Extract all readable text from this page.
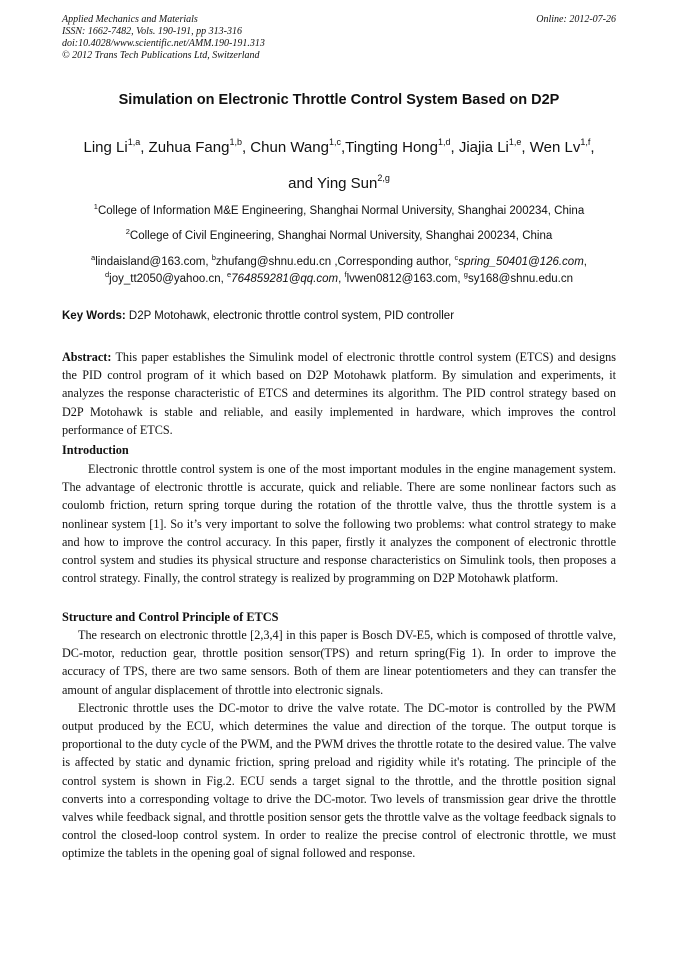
Applied Mechanics and Materials	Online: 2012-07-26
ISSN: 1662-7482, Vols. 190-191, pp 313-316
doi:10.4028/www.scientific.net/AMM.190-191.313
© 2012 Trans Tech Publications Ltd, Switzerland
Simulation on Electronic Throttle Control System Based on D2P
Ling Li$^{1,a}$, Zuhua Fang$^{1,b}$, Chun Wang$^{1,c}$,Tingting Hong$^{1,d}$, Jiajia Li$^{1,e}$, Wen Lv$^{1,f}$,
and Ying Sun$^{2,g}$
$^1$College of Information M&E Engineering, Shanghai Normal University, Shanghai 200234, China
$^2$College of Civil Engineering, Shanghai Normal University, Shanghai 200234, China
$^a$lindaisland@163.com, $^b$zhufang@shnu.edu.cn ,Corresponding author, $^c$spring_50401@126.com,
$^d$joy_tt2050@yahoo.cn, $^e$764859281@qq.com, $^f$lvwen0812@163.com, $^g$sy168@shnu.edu.cn
Key Words: D2P Motohawk, electronic throttle control system, PID controller

Abstract: This paper establishes the Simulink model of electronic throttle control system (ETCS) and designs the PID control program of it which based on D2P Motohawk platform. By simulation and experiments, it analyzes the response characteristic of ETCS and determines its algorithm. The PID control strategy based on D2P Motohawk is stable and reliable, and easily implemented in hardware, which improves the control performance of ETCS.

Introduction

Electronic throttle control system is one of the most important modules in the engine management system. The advantage of electronic throttle is accurate, quick and reliable. There are some nonlinear factors such as coulomb friction, return spring torque during the rotation of the throttle valve, thus the throttle system is a nonlinear system [1]. So it’s very important to solve the following two problems: what control strategy to make and how to improve the control accuracy. In this paper, firstly it analyzes the component of electronic throttle control system and studies its physical structure and response characteristics on Simulink tools, then proposes a control strategy. Finally, the control strategy is realized by programming on D2P Motohawk platform.

Structure and Control Principle of ETCS

The research on electronic throttle [2,3,4] in this paper is Bosch DV-E5, which is composed of throttle valve, DC-motor, reduction gear, throttle position sensor(TPS) and return spring(Fig 1). In order to improve the accuracy of TPS, there are two same sensors. Both of them are linear potentiometers and they can transfer the amount of angular displacement of throttle into electronic signals.

Electronic throttle uses the DC-motor to drive the valve rotate. The DC-motor is controlled by the PWM output produced by the ECU, which determines the value and direction of the torque. The output torque is proportional to the duty cycle of the PWM, and the PWM drives the throttle rotate to the desired value. The valve is affected by static and dynamic friction, spring preload and rigidity while it's rotating. The principle of the control system is shown in Fig.2. ECU sends a target signal to the throttle, and the throttle position signal converts into a corresponding voltage to drive the DC-motor. Two levels of transmission gear drive the throttle valves while feedback signal, and throttle position sensor gets the throttle valve as the voltage feedback signals to control the closed-loop control system. In order to realize the precise control of electronic throttle, we must optimize the tablets in the opening goal of signal followed and response.
